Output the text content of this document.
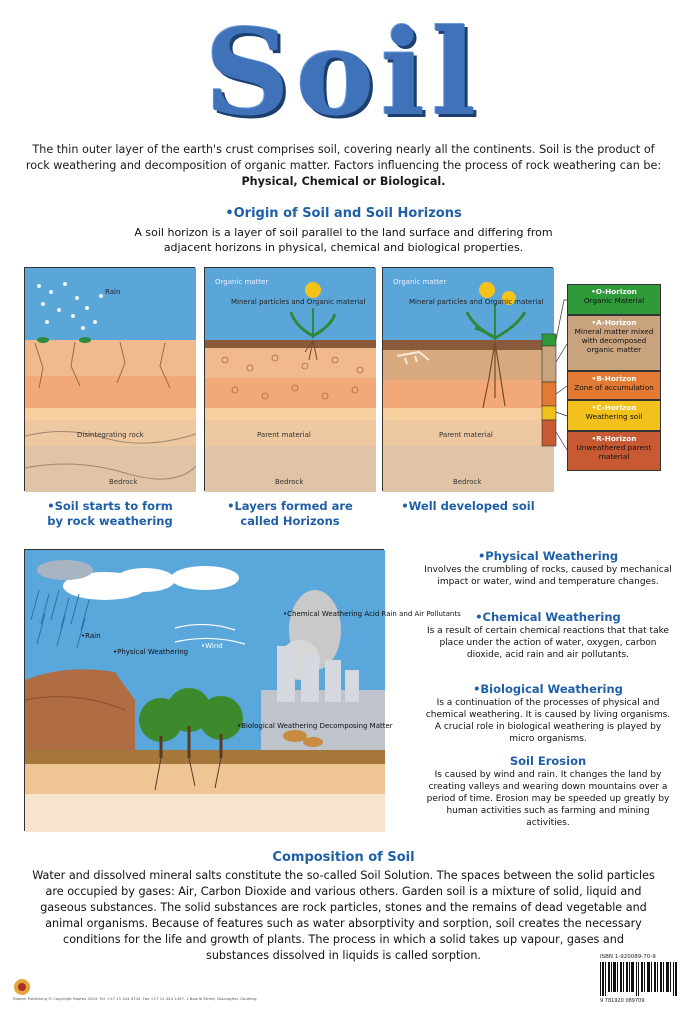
Soil
The thin outer layer of the earth's crust comprises soil, covering nearly all the continents. Soil is the product of rock weathering and decomposition of organic matter. Factors influencing the process of rock weathering can be:
Physical, Chemical or Biological.
•Origin of Soil and Soil Horizons
A soil horizon is a layer of soil parallel to the land surface and differing from adjacent horizons in physical, chemical and biological properties.
Rain
Disintegrating rock
Bedrock
Organic matter
Mineral particles and Organic material
Parent material
Bedrock
Organic matter
Mineral particles and Organic material
Parent material
Bedrock
•Soil starts to form by rock weathering
•Layers formed are called Horizons
•Well developed soil
•O-Horizon
Organic Material
•A-Horizon
Mineral matter mixed with decomposed organic matter
•B-Horizon
Zone of accumulation
•C-Horizon
Weathering soil
•R-Horizon
Unweathered parent material
•Rain
•Physical Weathering
•Wind
•Chemical Weathering Acid Rain and Air Pollutants
•Biological Weathering Decomposing Matter
•Physical Weathering
Involves the crumbling of rocks, caused by mechanical impact or water, wind and temperature changes.
•Chemical Weathering
Is a result of certain chemical reactions that that take place under the action of water, oxygen, carbon dioxide, acid rain and air pollutants.
•Biological Weathering
Is a continuation of the processes of physical and chemical weathering. It is caused by living organisms. A crucial role in biological weathering is played by micro organisms.
Soil Erosion
Is caused by wind and rain. It changes the land by creating valleys and wearing down mountains over a period of time. Erosion may be speeded up greatly by human activities such as farming and mining activities.
Composition of Soil
Water and dissolved mineral salts constitute the so-called Soil Solution. The spaces between the solid particles are occupied by gases: Air, Carbon Dioxide and various others. Garden soil is a mixture of solid, liquid and gaseous substances. The solid substances are rock particles, stones and the remains of dead vegetable and animal organisms. Because of features such as water absorptivity and sorption, soil creates the necessary conditions for the life and growth of plants. The process in which a solid takes up vapour, gases and substances dissolved in liquids is called sorption.
Rapfen Publishing © Copyright Rapfen 2003. Tel. +27 11 444 4744. Fax +27 11 444 1497. 1 Boorie Street, Dwarsgfrei, Gauteng
ISBN 1-920089-70-9
9 781920 089709
